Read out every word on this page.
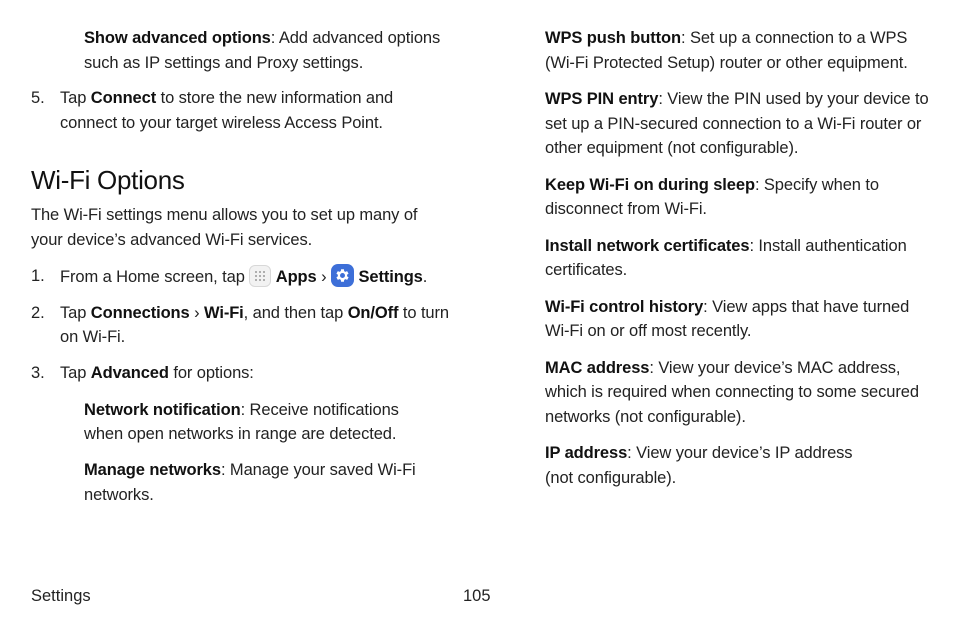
Show advanced options: Add advanced options such as IP settings and Proxy settings.

5. Tap Connect to store the new information and connect to your target wireless Access Point.

Wi-Fi Options

The Wi-Fi settings menu allows you to set up many of your device’s advanced Wi-Fi services.

1. From a Home screen, tap  Apps ›
Settings.

2. Tap Connections › Wi-Fi, and then tap On/Off to turn on Wi-Fi.

3. Tap Advanced for options:

Network notification: Receive notifications when open networks in range are detected.

Manage networks: Manage your saved Wi-Fi networks.

WPS push button: Set up a connection to a WPS (Wi-Fi Protected Setup) router or other equipment.

WPS PIN entry: View the PIN used by your device to set up a PIN-secured connection to a Wi-Fi router or other equipment (not configurable).

Keep Wi-Fi on during sleep: Specify when to disconnect from Wi-Fi.

Install network certificates: Install authentication certificates.

Wi-Fi control history: View apps that have turned Wi-Fi on or off most recently.

MAC address: View your device’s MAC address, which is required when connecting to some secured networks (not configurable).

IP address: View your device’s IP address (not configurable).

Settings	105
